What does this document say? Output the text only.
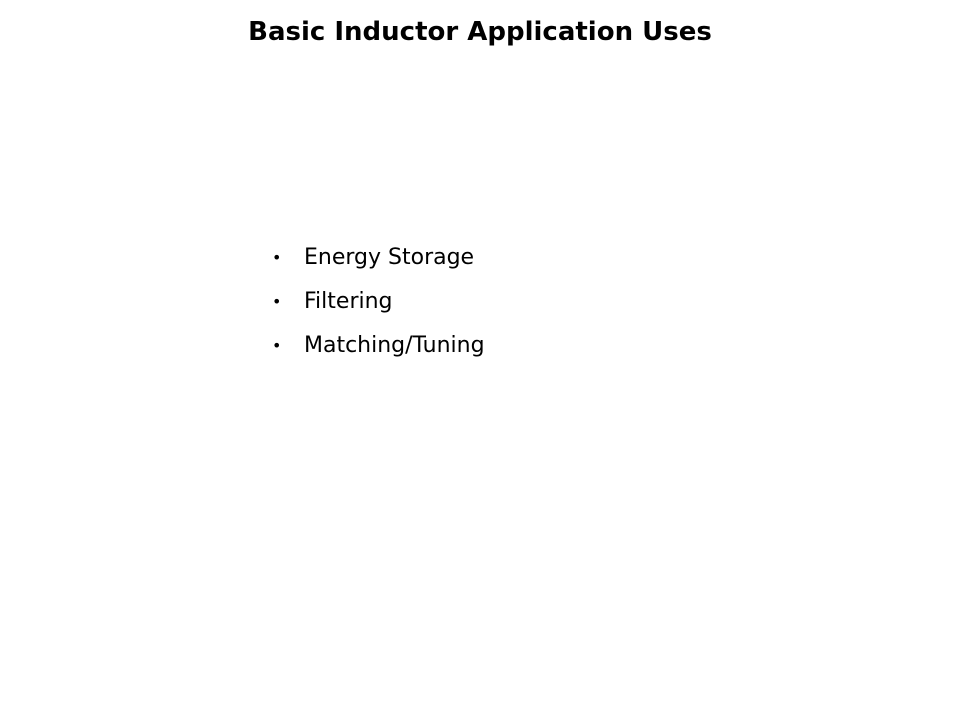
Basic Inductor Application Uses
•	Energy Storage
•	Filtering
•	Matching/Tuning
